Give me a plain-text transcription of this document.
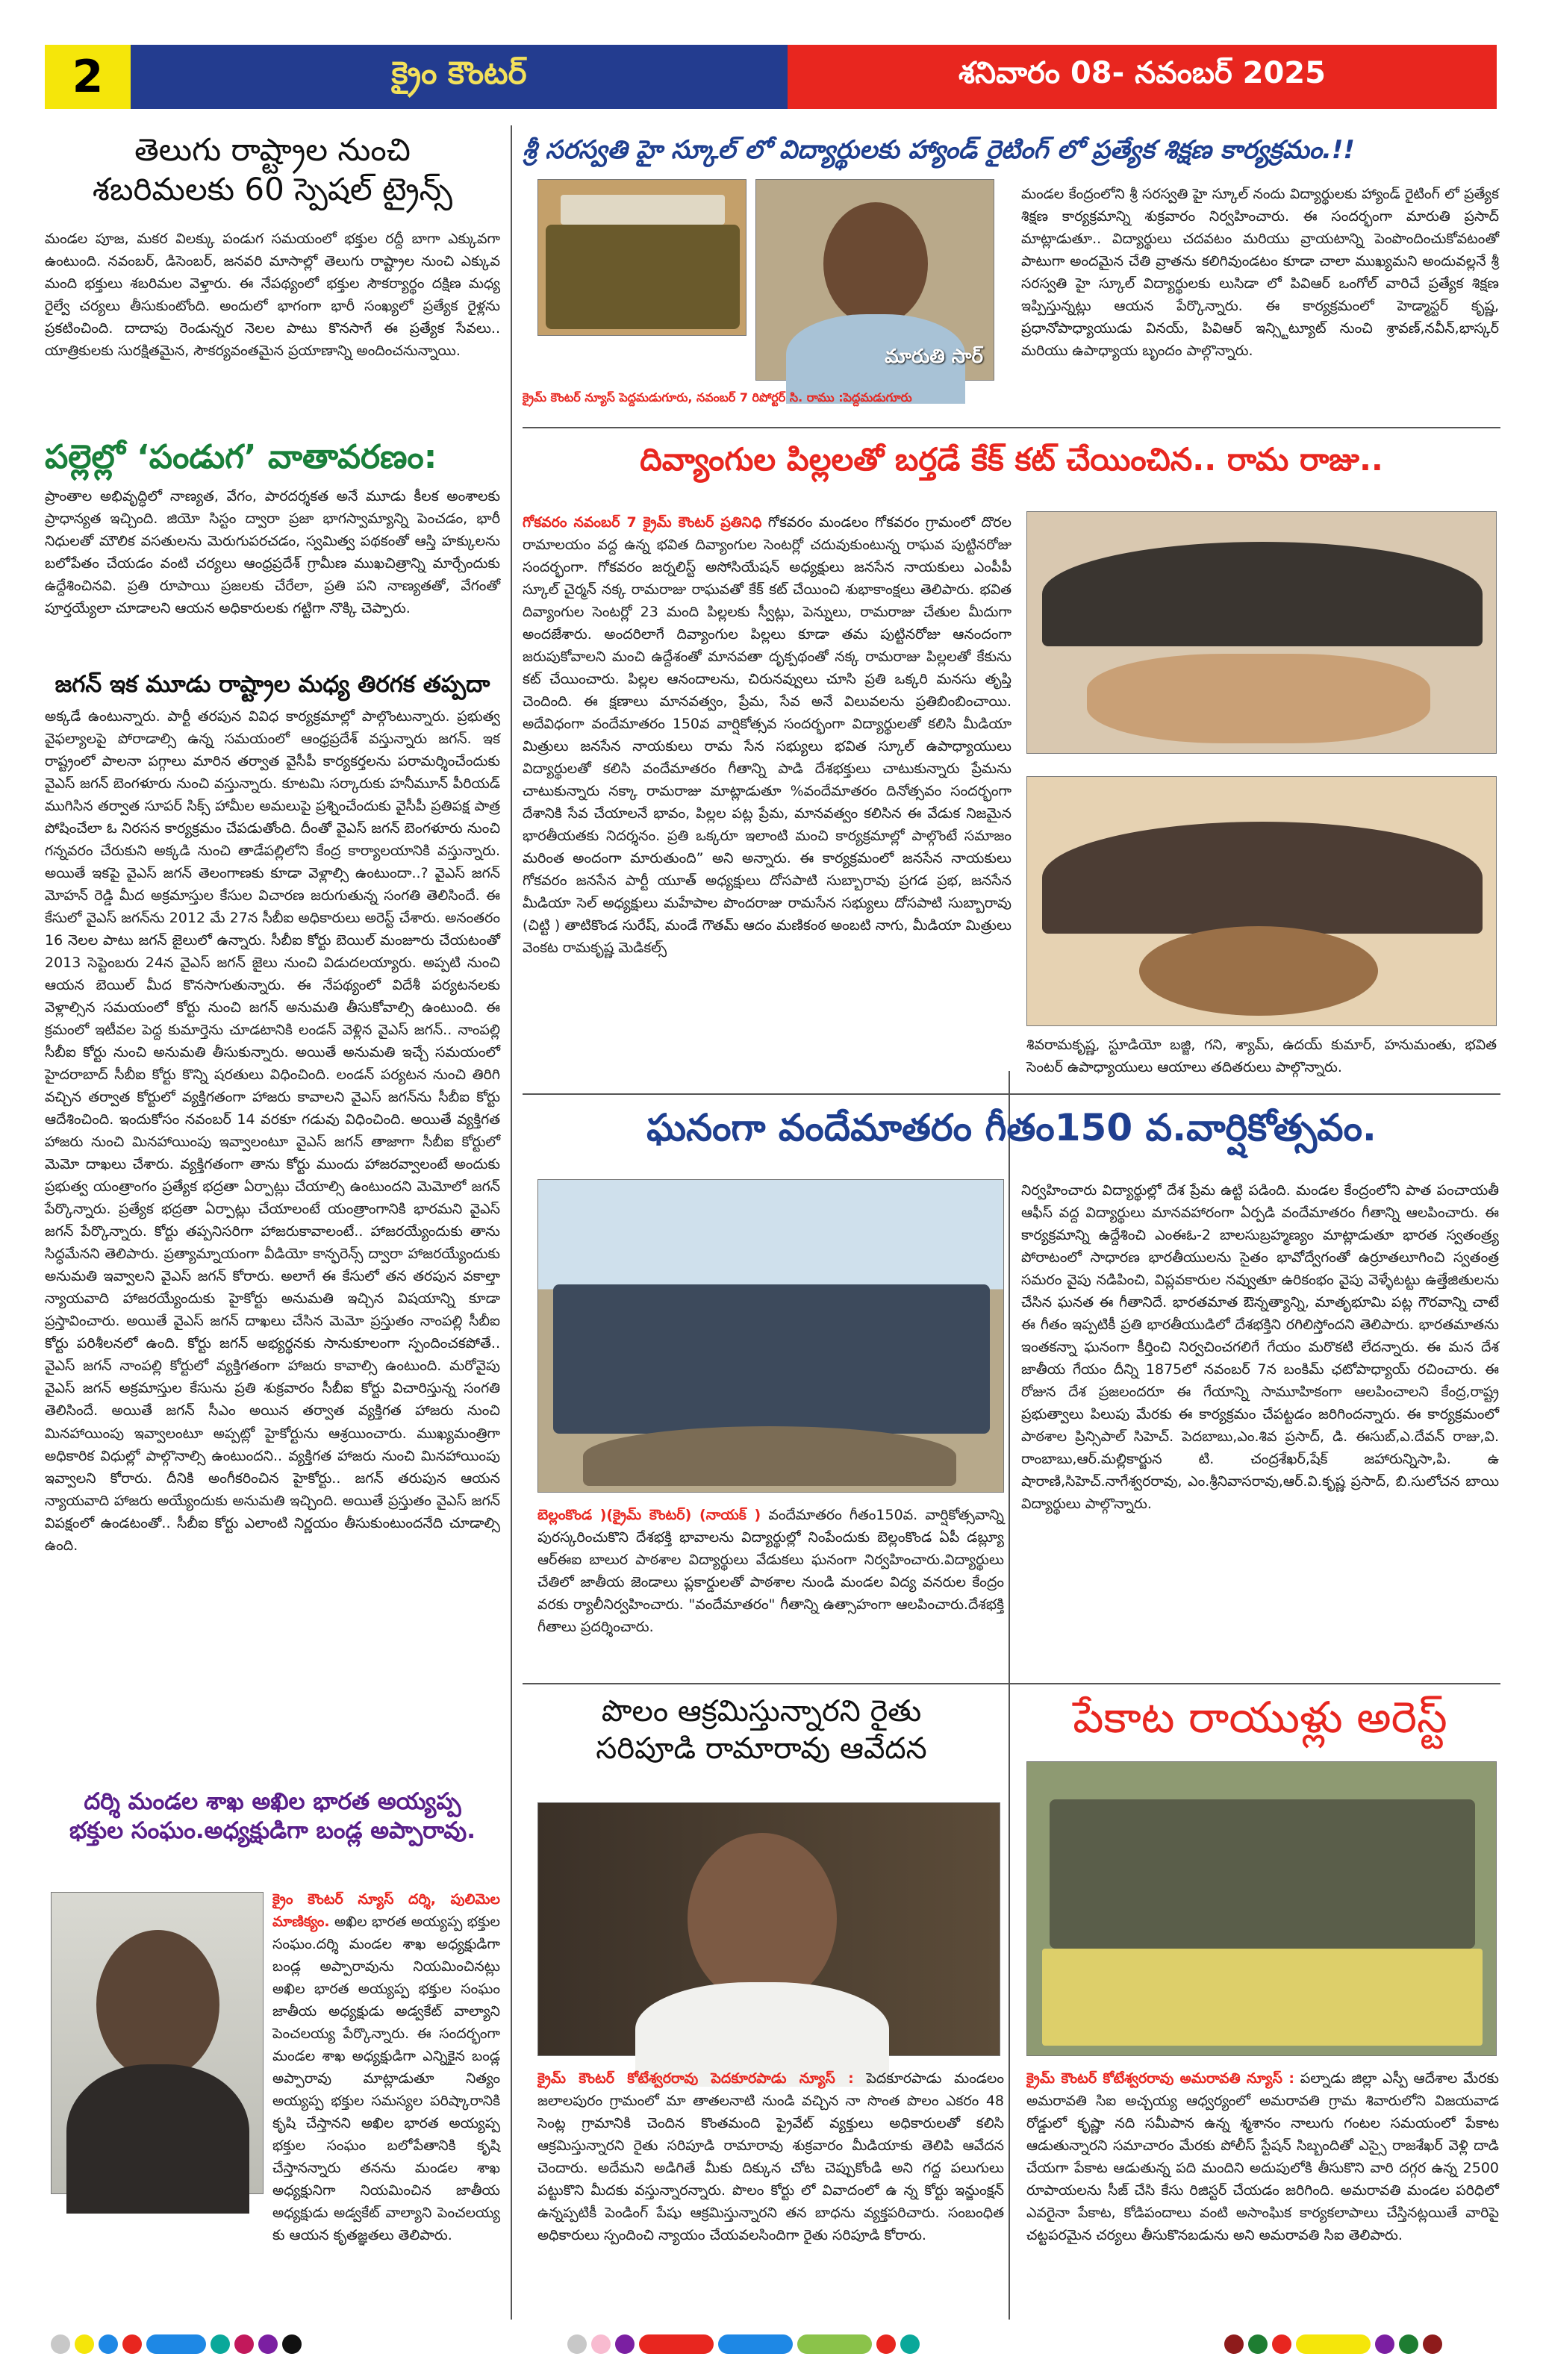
2	క్రైం కౌంటర్	శనివారం 08- నవంబర్ 2025
తెలుగు రాష్ట్రాల నుంచి
శబరిమలకు 60 స్పెషల్ ట్రైన్స్
మండల పూజ, మకర విలక్కు పండుగ సమయంలో భక్తుల రద్దీ బాగా ఎక్కువగా ఉంటుంది. నవంబర్, డిసెంబర్, జనవరి మాసాల్లో తెలుగు రాష్ట్రాల నుంచి ఎక్కువ మంది భక్తులు శబరిమల వెళ్తారు. ఈ నేపథ్యంలో భక్తుల సౌకర్యార్థం దక్షిణ మధ్య రైల్వే చర్యలు తీసుకుంటోంది. అందులో భాగంగా భారీ సంఖ్యలో ప్రత్యేక రైళ్లను ప్రకటించింది. దాదాపు రెండున్నర నెలల పాటు కొనసాగే ఈ ప్రత్యేక సేవలు.. యాత్రికులకు సురక్షితమైన, సౌకర్యవంతమైన ప్రయాణాన్ని అందించనున్నాయి.
పల్లెల్లో ‘పండుగ’ వాతావరణం:
ప్రాంతాల అభివృద్ధిలో నాణ్యత, వేగం, పారదర్శకత అనే మూడు కీలక అంశాలకు ప్రాధాన్యత ఇచ్చింది. జియో సిస్టం ద్వారా ప్రజా భాగస్వామ్యాన్ని పెంచడం, భారీ నిధులతో మౌలిక వసతులను మెరుగుపరచడం, స్వమిత్వ పథకంతో ఆస్తి హక్కులను బలోపేతం చేయడం వంటి చర్యలు ఆంధ్రప్రదేశ్ గ్రామీణ ముఖచిత్రాన్ని మార్చేందుకు ఉద్దేశించినవి. ప్రతి రూపాయి ప్రజలకు చేరేలా, ప్రతి పని నాణ్యతతో, వేగంతో పూర్తయ్యేలా చూడాలని ఆయన అధికారులకు గట్టిగా నొక్కి చెప్పారు.
జగన్ ఇక మూడు రాష్ట్రాల మధ్య తిరగక తప్పదా
అక్కడే ఉంటున్నారు. పార్టీ తరపున వివిధ కార్యక్రమాల్లో పాల్గొంటున్నారు. ప్రభుత్వ వైఫల్యాలపై పోరాడాల్సి ఉన్న సమయంలో ఆంధ్రప్రదేశ్ వస్తున్నారు జగన్. ఇక రాష్ట్రంలో పాలనా పగ్గాలు మారిన తర్వాత వైసీపీ కార్యకర్తలను పరామర్శించేందుకు వైఎస్ జగన్ బెంగళూరు నుంచి వస్తున్నారు. కూటమి సర్కారుకు హనీమూన్ పీరియడ్ ముగిసిన తర్వాత సూపర్ సిక్స్ హామీల అమలుపై ప్రశ్నించేందుకు వైసీపీ ప్రతిపక్ష పాత్ర పోషించేలా ఓ నిరసన కార్యక్రమం చేపడుతోంది. దీంతో వైఎస్ జగన్ బెంగళూరు నుంచి గన్నవరం చేరుకుని అక్కడి నుంచి తాడేపల్లిలోని కేంద్ర కార్యాలయానికి వస్తున్నారు. అయితే ఇకపై వైఎస్ జగన్ తెలంగాణకు కూడా వెళ్లాల్సి ఉంటుందా..? వైఎస్ జగన్ మోహన్ రెడ్డి మీద అక్రమాస్తుల కేసుల విచారణ జరుగుతున్న సంగతి తెలిసిందే. ఈ కేసులో వైఎస్ జగన్‌ను 2012 మే 27న సీబీఐ అధికారులు అరెస్ట్ చేశారు. అనంతరం 16 నెలల పాటు జగన్ జైలులో ఉన్నారు. సీబీఐ కోర్టు బెయిల్ మంజూరు చేయటంతో 2013 సెప్టెంబరు 24న వైఎస్ జగన్ జైలు నుంచి విడుదలయ్యారు. అప్పటి నుంచి ఆయన బెయిల్ మీద కొనసాగుతున్నారు. ఈ నేపథ్యంలో విదేశీ పర్యటనలకు వెళ్లాల్సిన సమయంలో కోర్టు నుంచి జగన్ అనుమతి తీసుకోవాల్సి ఉంటుంది. ఈ క్రమంలో ఇటీవల పెద్ద కుమార్తెను చూడటానికి లండన్ వెళ్లిన వైఎస్ జగన్.. నాంపల్లి సీబీఐ కోర్టు నుంచి అనుమతి తీసుకున్నారు. అయితే అనుమతి ఇచ్చే సమయంలో హైదరాబాద్ సీబీఐ కోర్టు కొన్ని షరతులు విధించింది. లండన్ పర్యటన నుంచి తిరిగి వచ్చిన తర్వాత కోర్టులో వ్యక్తిగతంగా హాజరు కావాలని వైఎస్ జగన్‌ను సీబీఐ కోర్టు ఆదేశించింది. ఇందుకోసం నవంబర్ 14 వరకూ గడువు విధించింది. అయితే వ్యక్తిగత హాజరు నుంచి మినహాయింపు ఇవ్వాలంటూ వైఎస్ జగన్ తాజాగా సీబీఐ కోర్టులో మెమో దాఖలు చేశారు. వ్యక్తిగతంగా తాను కోర్టు ముందు హాజరవ్వాలంటే అందుకు ప్రభుత్వ యంత్రాంగం ప్రత్యేక భద్రతా ఏర్పాట్లు చేయాల్సి ఉంటుందని మెమోలో జగన్ పేర్కొన్నారు. ప్రత్యేక భద్రతా ఏర్పాట్లు చేయాలంటే యంత్రాంగానికి భారమని వైఎస్ జగన్ పేర్కొన్నారు. కోర్టు తప్పనిసరిగా హాజరుకావాలంటే.. హాజరయ్యేందుకు తాను సిద్ధమేనని తెలిపారు. ప్రత్యామ్నాయంగా వీడియో కాన్ఫరెన్స్ ద్వారా హాజరయ్యేందుకు అనుమతి ఇవ్వాలని వైఎస్ జగన్ కోరారు. అలాగే ఈ కేసులో తన తరపున వకాల్తా న్యాయవాది హాజరయ్యేందుకు హైకోర్టు అనుమతి ఇచ్చిన విషయాన్ని కూడా ప్రస్తావించారు. అయితే వైఎస్ జగన్ దాఖలు చేసిన మెమో ప్రస్తుతం నాంపల్లి సీబీఐ కోర్టు పరిశీలనలో ఉంది. కోర్టు జగన్ అభ్యర్థనకు సానుకూలంగా స్పందించకపోతే.. వైఎస్ జగన్ నాంపల్లి కోర్టులో వ్యక్తిగతంగా హాజరు కావాల్సి ఉంటుంది. మరోవైపు వైఎస్ జగన్ అక్రమాస్తుల కేసును ప్రతి శుక్రవారం సీబీఐ కోర్టు విచారిస్తున్న సంగతి తెలిసిందే. అయితే జగన్ సీఎం అయిన తర్వాత వ్యక్తిగత హాజరు నుంచి మినహాయింపు ఇవ్వాలంటూ అప్పట్లో హైకోర్టును ఆశ్రయించారు. ముఖ్యమంత్రిగా అధికారిక విధుల్లో పాల్గొనాల్సి ఉంటుందని.. వ్యక్తిగత హాజరు నుంచి మినహాయింపు ఇవ్వాలని కోరారు. దీనికి అంగీకరించిన హైకోర్టు.. జగన్ తరుపున ఆయన న్యాయవాది హాజరు అయ్యేందుకు అనుమతి ఇచ్చింది. అయితే ప్రస్తుతం వైఎస్ జగన్ విపక్షంలో ఉండటంతో.. సీబీఐ కోర్టు ఎలాంటి నిర్ణయం తీసుకుంటుందనేది చూడాల్సి ఉంది.
దర్శి మండల శాఖ అఖిల భారత అయ్యప్ప
భక్తుల సంఘం.అధ్యక్షుడిగా బండ్ల అప్పారావు.
క్రైం కౌంటర్ న్యూస్ దర్శి, పులిమెల మాణిక్యం. అఖిల భారత అయ్యప్ప భక్తుల సంఘం.దర్శి మండల శాఖ అధ్యక్షుడిగా బండ్ల అప్పారావును నియమించినట్లు అఖిల భారత అయ్యప్ప భక్తుల సంఘం జాతీయ అధ్యక్షుడు అడ్వకేట్ వాల్యాని పెంచలయ్య పేర్కొన్నారు. ఈ సందర్భంగా మండల శాఖ అధ్యక్షుడిగా ఎన్నికైన బండ్ల అప్పారావు మాట్లాడుతూ నిత్యం అయ్యప్ప భక్తుల సమస్యల పరిష్కారానికి కృషి చేస్తానని అఖిల భారత అయ్యప్ప భక్తుల సంఘం బలోపేతానికి కృషి చేస్తానన్నారు తనను మండల శాఖ అధ్యక్షునిగా నియమించిన జాతీయ అధ్యక్షుడు అడ్వకేట్ వాల్యాని పెంచలయ్య కు ఆయన కృతజ్ఞతలు తెలిపారు.
శ్రీ సరస్వతి హై స్కూల్ లో విద్యార్థులకు హ్యాండ్ రైటింగ్ లో ప్రత్యేక శిక్షణ కార్యక్రమం.!!
మారుతి సార్
క్రైమ్ కౌంటర్ న్యూస్ పెద్దమడుగూరు, నవంబర్ 7 రిపోర్టర్ సి. రాము :పెద్దమడుగూరు
మండల కేంద్రంలోని శ్రీ సరస్వతి హై స్కూల్ నందు విద్యార్థులకు హ్యాండ్ రైటింగ్ లో ప్రత్యేక శిక్షణ కార్యక్రమాన్ని శుక్రవారం నిర్వహించారు. ఈ సందర్భంగా మారుతి ప్రసాద్ మాట్లాడుతూ.. విద్యార్థులు చదవటం మరియు వ్రాయటాన్ని పెంపొందించుకోవటంతో పాటుగా అందమైన చేతి వ్రాతను కలిగివుండటం కూడా చాలా ముఖ్యమని అందువల్లనే శ్రీ సరస్వతి హై స్కూల్ విద్యార్థులకు లుసిడా లో పివిఆర్ ఒంగోల్ వారిచే ప్రత్యేక శిక్షణ ఇప్పిస్తున్నట్లు ఆయన పేర్కొన్నారు. ఈ కార్యక్రమంలో హెడ్మాస్టర్ కృష్ణ, ప్రధానోపాధ్యాయుడు వినయ్, పివిఆర్ ఇన్స్టిట్యూట్ నుంచి శ్రావణ్,నవీన్,భాస్కర్ మరియు ఉపాధ్యాయ బృందం పాల్గొన్నారు.
దివ్యాంగుల పిల్లలతో బర్తడే కేక్ కట్ చేయించిన.. రామ రాజు..
గోకవరం నవంబర్ 7 క్రైమ్ కౌంటర్ ప్రతినిధి గోకవరం మండలం గోకవరం గ్రామంలో దొరల రామాలయం వద్ద ఉన్న భవిత దివ్యాంగుల సెంటర్లో చదువుకుంటున్న రాఘవ పుట్టినరోజు సందర్భంగా. గోకవరం జర్నలిస్ట్ అసోసియేషన్ అధ్యక్షులు జనసేన నాయకులు ఎంపీపీ స్కూల్ చైర్మన్ నక్క రామరాజు రాఘవతో కేక్ కట్ చేయించి శుభాకాంక్షలు తెలిపారు. భవిత దివ్యాంగుల సెంటర్లో 23 మంది పిల్లలకు స్వీట్లు, పెన్నులు, రామరాజు చేతుల మీదుగా అందజేశారు. అందరిలాగే దివ్యాంగుల పిల్లలు కూడా తమ పుట్టినరోజు ఆనందంగా జరుపుకోవాలని మంచి ఉద్దేశంతో మానవతా దృక్పథంతో నక్క రామరాజు పిల్లలతో కేకును కట్ చేయించారు. పిల్లల ఆనందాలను, చిరునవ్వులు చూసి ప్రతి ఒక్కరి మనసు తృప్తి చెందింది. ఈ క్షణాలు మానవత్వం, ప్రేమ, సేవ అనే విలువలను ప్రతిబింబించాయి. అదేవిధంగా వందేమాతరం 150వ వార్షికోత్సవ సందర్భంగా విద్యార్థులతో కలిసి మీడియా మిత్రులు జనసేన నాయకులు రామ సేన సభ్యులు భవిత స్కూల్ ఉపాధ్యాయులు విద్యార్థులతో కలిసి వందేమాతరం గీతాన్ని పాడి దేశభక్తులు చాటుకున్నారు ప్రేమను చాటుకున్నారు నక్కా రామరాజు మాట్లాడుతూ %వందేమాతరం దినోత్సవం సందర్భంగా దేశానికి సేవ చేయాలనే భావం, పిల్లల పట్ల ప్రేమ, మానవత్వం కలిసిన ఈ వేడుక నిజమైన భారతీయతకు నిదర్శనం. ప్రతి ఒక్కరూ ఇలాంటి మంచి కార్యక్రమాల్లో పాల్గొంటే సమాజం మరింత అందంగా మారుతుంది” అని అన్నారు. ఈ కార్యక్రమంలో జనసేన నాయకులు గోకవరం జనసేన పార్టీ యూత్ అధ్యక్షులు దోసపాటి సుబ్బారావు ప్రగడ ప్రభ, జనసేన మీడియా సెల్ అధ్యక్షులు మహేపాల పొందరాజు రామసేన సభ్యులు దోసపాటి సుబ్బారావు (చిట్టి ) తాటికొండ సురేష్, మండే గౌతమ్ ఆదం మణికంఠ అంబటి నాగు, మీడియా మిత్రులు వెంకట రామకృష్ణ మెడికల్స్
శివరామకృష్ణ, స్టూడియో బజ్జి, గని, శ్యామ్, ఉదయ్ కుమార్, హనుమంతు, భవిత సెంటర్ ఉపాధ్యాయులు ఆయాలు తదితరులు పాల్గొన్నారు.
ఘనంగా వందేమాతరం గీతం150 వ.వార్షికోత్సవం.
బెల్లంకొండ )(క్రైమ్ కౌంటర్) (నాయక్ ) వందేమాతరం గీతం150వ. వార్షికోత్సవాన్ని పురస్కరించుకొని దేశభక్తి భావాలను విద్యార్థుల్లో నింపేందుకు బెల్లంకొండ ఏపీ డబ్ల్యూ ఆర్ఈఐ బాలుర పాఠశాల విద్యార్థులు వేడుకలు ఘనంగా నిర్వహించారు.విద్యార్థులు చేతిలో జాతీయ జెండాలు ప్లకార్డులతో పాఠశాల నుండి మండల విద్య వనరుల కేంద్రం వరకు ర్యాలీనిర్వహించారు. "వందేమాతరం" గీతాన్ని ఉత్సాహంగా ఆలపించారు.దేశభక్తి గీతాలు ప్రదర్శించారు.
నిర్వహించారు విద్యార్థుల్లో దేశ ప్రేమ ఉట్టి పడింది. మండల కేంద్రంలోని పాత పంచాయతీ ఆఫీస్ వద్ద విద్యార్థులు మానవహారంగా ఏర్పడి వందేమాతరం గీతాన్ని ఆలపించారు. ఈ కార్యక్రమాన్ని ఉద్దేశించి ఎంఈఓ-2 బాలసుబ్రహ్మణ్యం మాట్లాడుతూ భారత స్వతంత్ర్య పోరాటంలో సాధారణ భారతీయులను సైతం భావోద్వేగంతో ఉర్రూతలూగించి స్వతంత్ర సమరం వైపు నడిపించి, విప్లవకారుల నవ్వుతూ ఉరికంభం వైపు వెళ్ళేటట్టు ఉత్తేజితులను చేసిన ఘనత ఈ గీతానిదే. భారతమాత ఔన్నత్యాన్ని, మాతృభూమి పట్ల గౌరవాన్ని చాటే ఈ గీతం ఇప్పటికీ ప్రతి భారతీయుడిలో దేశభక్తిని రగిలిస్తోందని తెలిపారు. భారతమాతను ఇంతకన్నా ఘనంగా కీర్తించి నిర్వచించగలిగే గేయం మరొకటి లేదన్నారు. ఈ మన దేశ జాతీయ గేయం దీన్ని 1875లో నవంబర్ 7న బంకిమ్ ఛటోపాధ్యాయ్ రచించారు. ఈ రోజున దేశ ప్రజలందరూ ఈ గేయాన్ని సామూహికంగా ఆలపించాలని కేంద్ర,రాష్ట్ర ప్రభుత్వాలు పిలుపు మేరకు ఈ కార్యక్రమం చేపట్టడం జరిగిందన్నారు. ఈ కార్యక్రమంలో పాఠశాల ప్రిన్సిపాల్ సిహెచ్. పెదబాబు,ఎం.శివ ప్రసాద్, డి. ఈసుబ్,ఎ.దేవన్ రాజు,వి. రాంబాబు,ఆర్.మల్లికార్జున టి. చంద్రశేఖర్,షేక్ జహారున్నిసా,పి. ఉ షారాణి,సిహెచ్.నాగేశ్వరరావు, ఎం.శ్రీనివాసరావు,ఆర్.వి.కృష్ణ ప్రసాద్, బి.సులోచన బాయి విద్యార్థులు పాల్గొన్నారు.
పొలం ఆక్రమిస్తున్నారని రైతు
సరిపూడి రామారావు ఆవేదన
క్రైమ్ కౌంటర్ కోటేశ్వరరావు పెదకూరపాడు న్యూస్ : పెదకూరపాడు మండలం జలాలపురం గ్రామంలో మా తాతలనాటి నుండి వచ్చిన నా సొంత పొలం ఎకరం 48 సెంట్ల గ్రామానికి చెందిన కొంతమంది ప్రైవేట్ వ్యక్తులు అధికారులతో కలిసి ఆక్రమిస్తున్నారని రైతు సరిపూడి రామారావు శుక్రవారం మీడియాకు తెలిపి ఆవేదన చెందారు. అదేమని అడిగితే మీకు దిక్కున చోట చెప్పుకోండి అని గద్ద పలుగులు పట్టుకొని మీదకు వస్తున్నారన్నారు. పొలం కోర్టు లో వివాదంలో ఉ న్న కోర్టు ఇన్జుంక్షన్ ఉన్నప్పటికీ పెండింగ్ పేషు ఆక్రమిస్తున్నారని తన బాధను వ్యక్తపరిచారు. సంబంధిత అధికారులు స్పందించి న్యాయం చేయవలసిందిగా రైతు సరిపూడి కోరారు.
పేకాట రాయుళ్లు అరెస్ట్
క్రైమ్ కౌంటర్ కోటేశ్వరరావు అమరావతి న్యూస్ : పల్నాడు జిల్లా ఎస్పీ ఆదేశాల మేరకు అమరావతి సిఐ అచ్చయ్య ఆధ్వర్యంలో అమరావతి గ్రామ శివారులోని విజయవాడ రోడ్డులో కృష్ణా నది సమీపాన ఉన్న శ్మశానం నాలుగు గంటల సమయంలో పేకాట ఆడుతున్నారని సమాచారం మేరకు పోలీస్ స్టేషన్ సిబ్బందితో ఎస్సై రాజశేఖర్ వెళ్లి దాడి చేయగా పేకాట ఆడుతున్న పది మందిని అదుపులోకి తీసుకొని వారి దగ్గర ఉన్న 2500 రూపాయలను సీజ్ చేసి కేసు రిజిస్టర్ చేయడం జరిగింది. అమరావతి మండల పరిధిలో ఎవరైనా పేకాట, కోడిపందాలు వంటి అసాంఘిక కార్యకలాపాలు చేస్తినట్లయితే వారిపై చట్టపరమైన చర్యలు తీసుకొనబడును అని అమరావతి సిఐ తెలిపారు.
